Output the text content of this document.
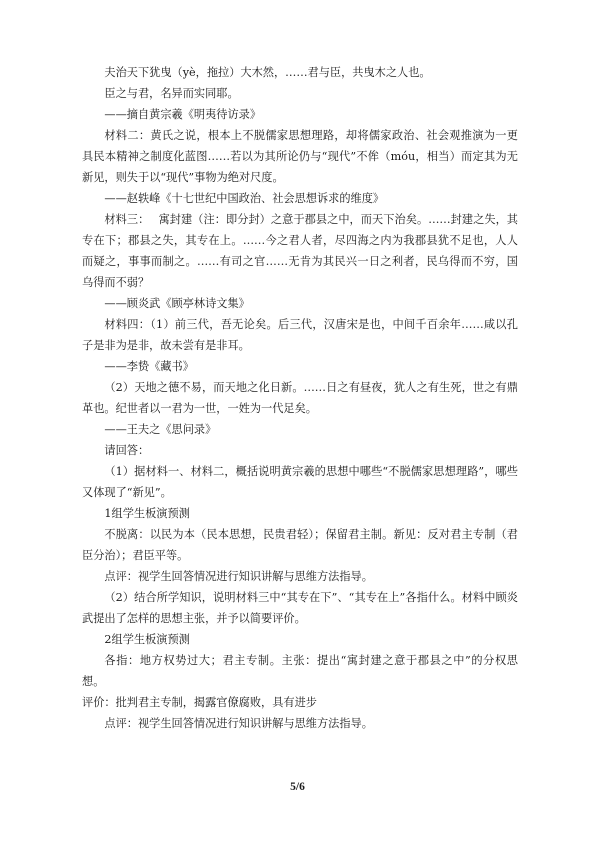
夫治天下犹曳（yè，拖拉）大木然，……君与臣，共曳木之人也。

臣之与君，名异而实同耶。

——摘自黄宗羲《明夷待访录》

材料二：黄氏之说，根本上不脱儒家思想理路，却将儒家政治、社会观推演为一更具民本精神之制度化蓝图……若以为其所论仍与“现代”不侔（móu，相当）而定其为无新见，则失于以“现代”事物为绝对尺度。

——赵轶峰《十七世纪中国政治、社会思想诉求的维度》

材料三：　 寓封建（注：即分封）之意于郡县之中，而天下治矣。……封建之失，其专在下；郡县之失，其专在上。……今之君人者，尽四海之内为我郡县犹不足也，人人而疑之，事事而制之。……有司之官……无肯为其民兴一日之利者，民乌得而不穷，国乌得而不弱？

——顾炎武《顾亭林诗文集》

材料四：（1）前三代，吾无论矣。后三代，汉唐宋是也，中间千百余年……咸以孔子是非为是非，故未尝有是非耳。

——李贽《藏书》

（2）天地之德不易，而天地之化日新。……日之有昼夜，犹人之有生死，世之有鼎革也。纪世者以一君为一世，一姓为一代足矣。

——王夫之《思问录》

请回答：

（1）据材料一、材料二，概括说明黄宗羲的思想中哪些“不脱儒家思想理路”，哪些又体现了“新见”。

1组学生板演预测

不脱离：以民为本（民本思想，民贵君轻）；保留君主制。新见：反对君主专制（君臣分治）；君臣平等。

点评：视学生回答情况进行知识讲解与思维方法指导。

（2）结合所学知识，说明材料三中“其专在下”、“其专在上”各指什么。材料中顾炎武提出了怎样的思想主张，并予以简要评价。

2组学生板演预测

各指：地方权势过大；君主专制。主张：提出“寓封建之意于郡县之中”的分权思想。

评价：批判君主专制，揭露官僚腐败，具有进步

点评：视学生回答情况进行知识讲解与思维方法指导。

5/6
